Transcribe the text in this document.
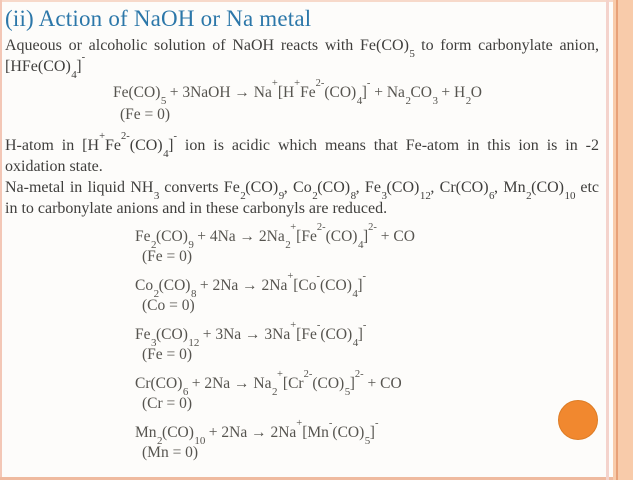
(ii) Action of NaOH or Na metal

Aqueous or alcoholic solution of NaOH reacts with $Fe(CO)_5$ to form carbonylate anion, $[HFe(CO)_4]^-$

$Fe(CO)_5$ + 3NaOH → $Na^+[H^+Fe^{2-}(CO)_4]^- + Na_2CO_3 + H_2O$
(Fe = 0)

H-atom in $[H^+Fe^{2-}(CO)_4]^-$ ion is acidic which means that Fe-atom in this ion is in -2 oxidation state.

Na-metal in liquid $NH_3$ converts $Fe_2(CO)_9$, $Co_2(CO)_8$, $Fe_3(CO)_{12}$, $Cr(CO)_6$, $Mn_2(CO)_{10}$ etc in to carbonylate anions and in these carbonyls are reduced.

$Fe_2(CO)_9 + 4Na \to 2Na_2^+[Fe^{2-}(CO)_4]^{2-}$ + CO
(Fe = 0)
$Co_2(CO)_8 + 2Na \to 2Na^+[Co^-(CO)_4]^-$
(Co = 0)
$Fe_3(CO)_{12} + 3Na \to 3Na^+[Fe^-(CO)_4]^-$
(Fe = 0)
$Cr(CO)_6 + 2Na \to Na_2^+[Cr^{2-}(CO)_5]^{2-}$ + CO
(Cr = 0)
$Mn_2(CO)_{10} + 2Na \to 2Na^+[Mn^-(CO)_5]^-$
(Mn = 0)
